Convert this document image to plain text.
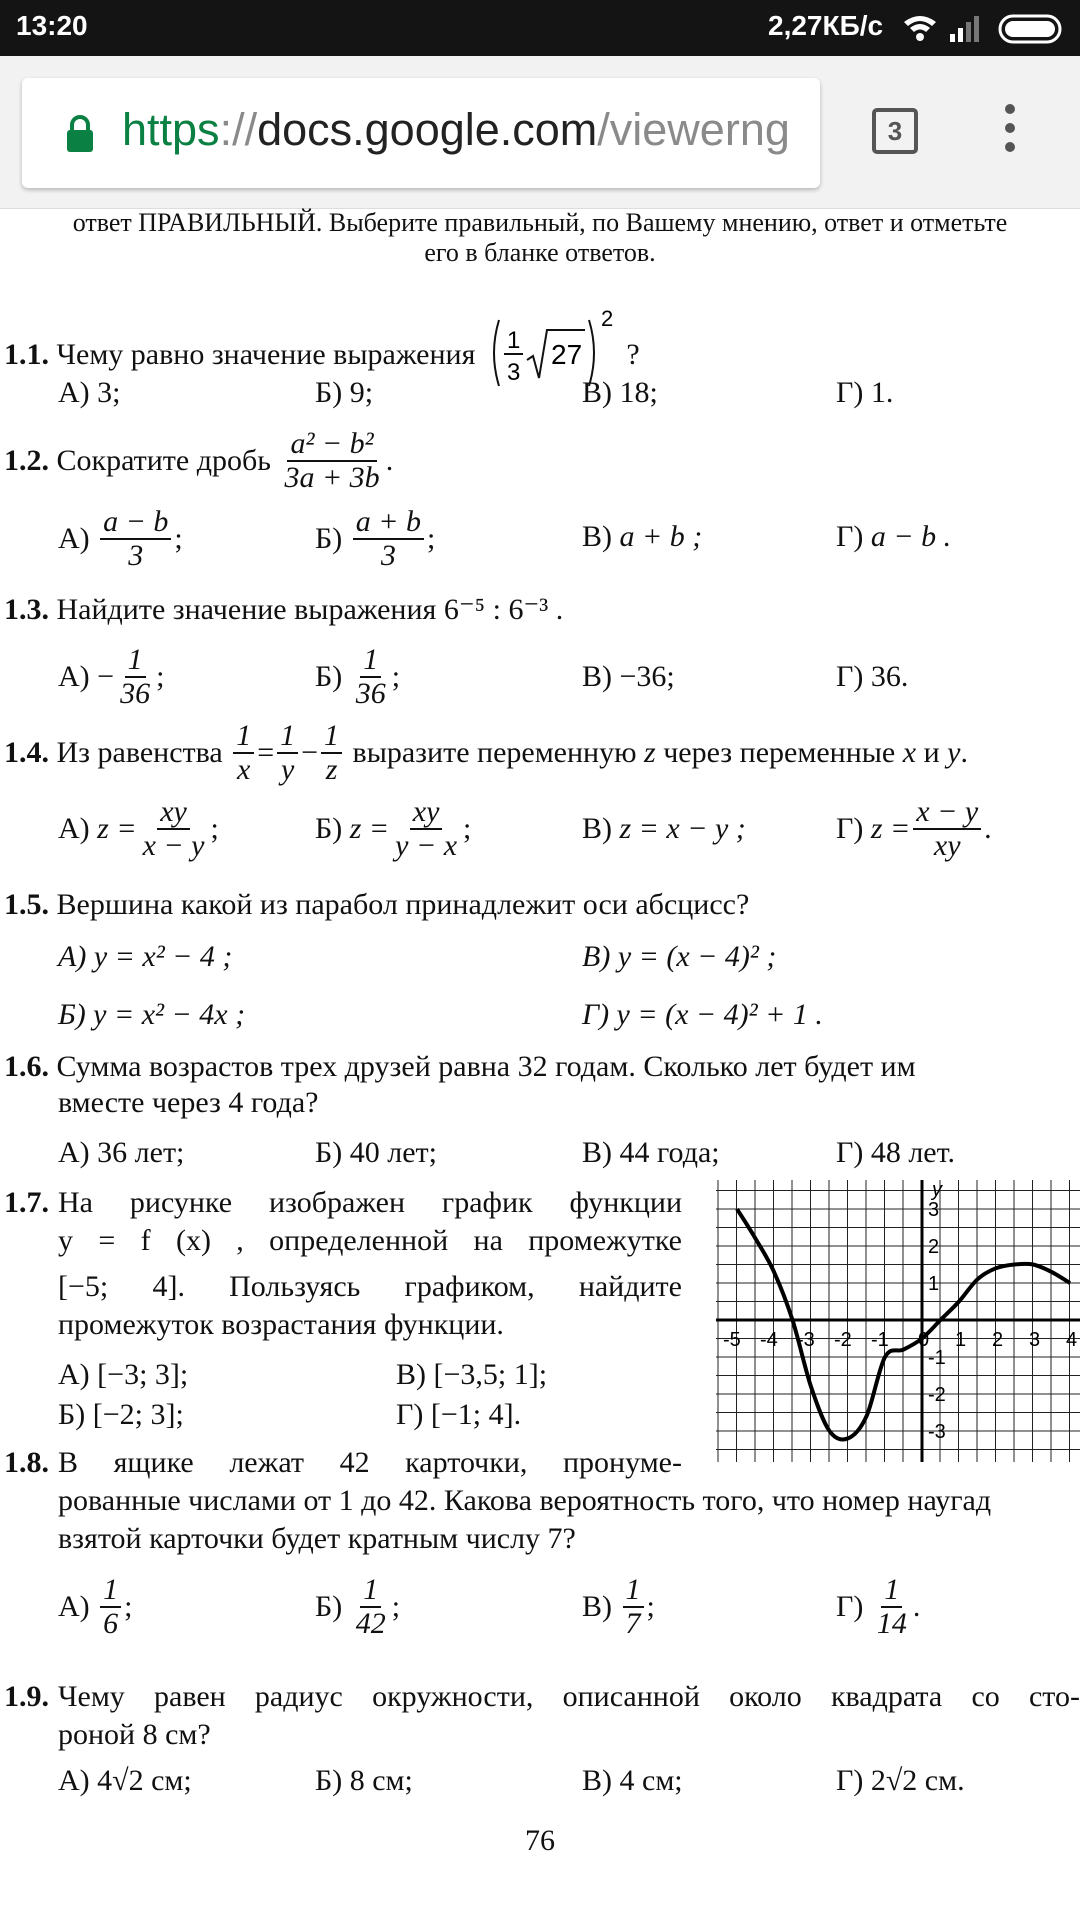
13:20	2,27КБ/с
https://docs.google.com/viewerng	3
ответ ПРАВИЛЬНЫЙ. Выберите правильный, по Вашему мнению, ответ и отметьте
его в бланке ответов.
1.1. Чему равно значение выражения 1
3
27
2
?
А) 3;	Б) 9;	В) 18;	Г) 1.
1.2.
Сократите дробь
$\frac{\text{a² − b²}}{3a + 3b}$ .
А)
$\frac{a - b}{3}$ ;	Б)
$\frac{a + b}{3}$ ;	В) a + b ;	Г) a − b .
1.3. Найдите значение выражения 6⁻⁵ : 6⁻³ .
$А) - \frac{1}{36}$ ;	Б)
$\frac{1}{36}$ ;	В) −36;	Г) 36.
1.4.
Из равенства
$\frac{1}{x} = \frac{1}{y} - \frac{1}{z}$
выразите переменную
z
через переменные
x
и
y .
А)
$z = \frac{xy}{x - y}$ ;	Б)
$z = \frac{xy}{y - x}$ ;	В) z = x − y ;	Г)
$z = \frac{x - y}{xy}$ .
1.5. Вершина какой из парабол принадлежит оси абсцисс?
А) y = x² − 4 ;	В) y = (x − 4)² ;
Б) y = x² − 4x ;	Г) y = (x − 4)² + 1 .
1.6. Сумма возрастов трех друзей равна 32 годам. Сколько лет будет им
вместе через 4 года?
А) 36 лет;	Б) 40 лет;	В) 44 года;	Г) 48 лет.
1.7. На рисунке изображен график функции
y = f (x) , определенной на промежутке
[−5; 4]. Пользуясь графиком, найдите
промежуток возрастания функции.
А) [−3; 3];	В) [−3,5; 1];
Б) [−2; 3];	Г) [−1; 4].
y
-5 -4 -3 -2 -1 0 1 2 3 4
3
2
1
-1
-2
-3
1.8. В ящике лежат 42 карточки, пронуме-
рованные числами от 1 до 42. Какова вероятность того, что номер наугад
взятой карточки будет кратным числу 7?
А)
$\frac{1}{6}$ ;	Б)
$\frac{1}{42}$ ;	В)
$\frac{1}{7}$ ;	Г)
$\frac{1}{14}$ .
1.9. Чему равен радиус окружности, описанной около квадрата со сто-
роной 8 см?
А) 4√2 см;	Б) 8 см;	В) 4 см;	Г) 2√2 см.
76
